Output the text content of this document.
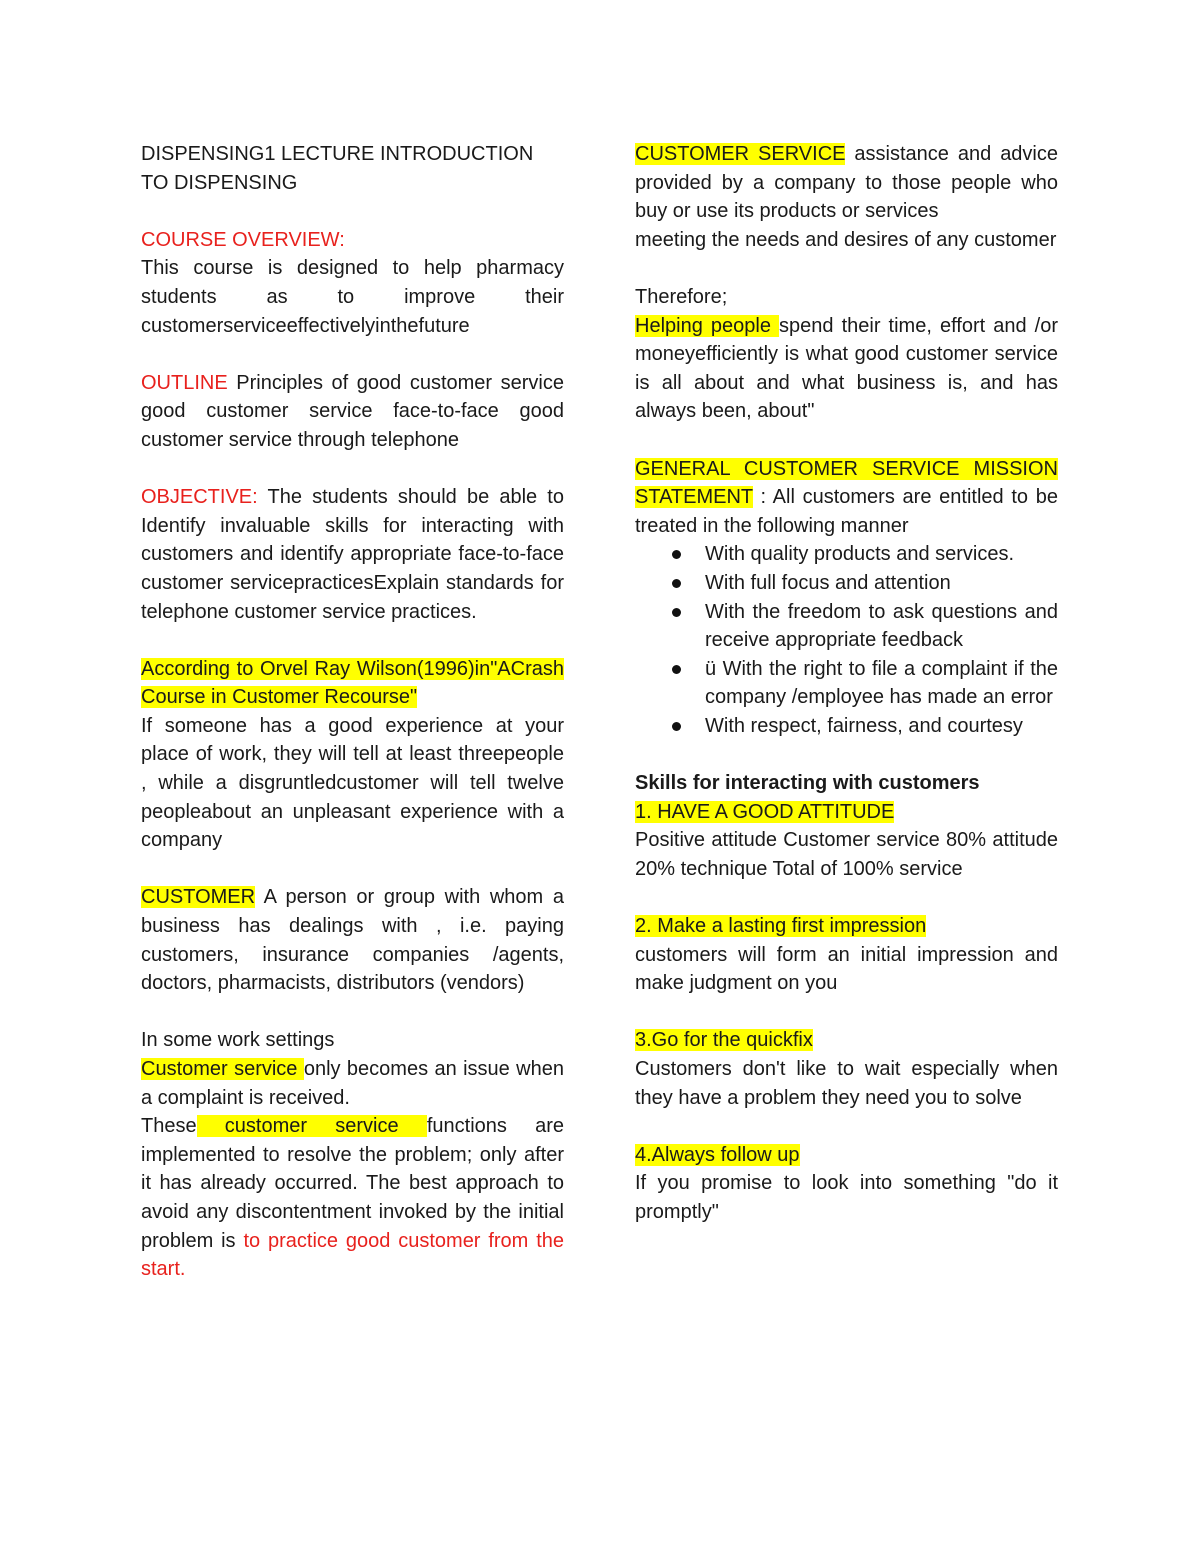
DISPENSING1 LECTURE INTRODUCTION TO DISPENSING

COURSE OVERVIEW:
This course is designed to help pharmacy students as to improve their customerserviceeffectivelyinthefuture

OUTLINE Principles of good customer service good customer service face-to-face good customer service through telephone

OBJECTIVE: The students should be able to Identify invaluable skills for interacting with customers and identify appropriate face-to-face customer servicepracticesExplain standards for telephone customer service practices.

According to Orvel Ray Wilson(1996)in"ACrash Course in Customer Recourse"

If someone has a good experience at your place of work, they will tell at least threepeople , while a disgruntledcustomer will tell twelve peopleabout an unpleasant experience with a company

CUSTOMER A person or group with whom a business has dealings with , i.e. paying customers, insurance companies /agents, doctors, pharmacists, distributors (vendors)

In some work settings

Customer service only becomes an issue when a complaint is received.

These customer service functions are implemented to resolve the problem; only after it has already occurred. The best approach to avoid any discontentment invoked by the initial problem is to practice good customer from the start.

CUSTOMER SERVICE assistance and advice provided by a company to those people who buy or use its products or services

meeting the needs and desires of any customer

Therefore;

Helping people spend their time, effort and /or moneyefficiently is what good customer service is all about and what business is, and has always been, about"

GENERAL CUSTOMER SERVICE MISSION STATEMENT : All customers are entitled to be treated in the following manner

With quality products and services.
With full focus and attention
With the freedom to ask questions and receive appropriate feedback
ü With the right to file a complaint if the company /employee has made an error
With respect, fairness, and courtesy

Skills for interacting with customers

1. HAVE A GOOD ATTITUDE

Positive attitude Customer service 80% attitude 20% technique Total of 100% service

2. Make a lasting first impression

customers will form an initial impression and make judgment on you

3.Go for the quickfix

Customers don't like to wait especially when they have a problem they need you to solve

4.Always follow up

If you promise to look into something "do it promptly"
